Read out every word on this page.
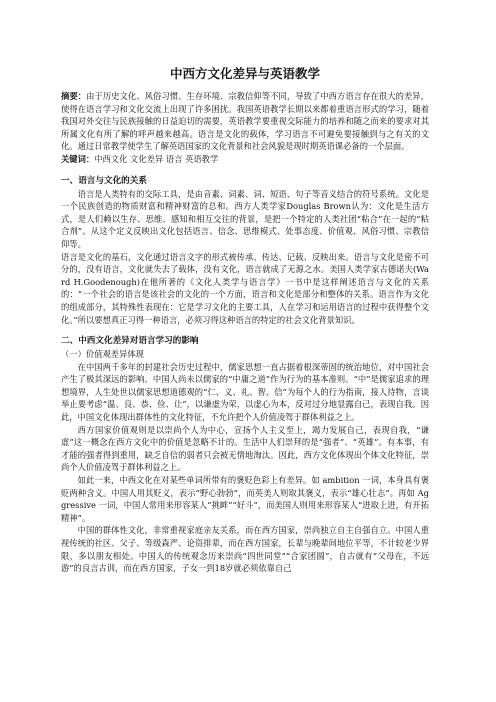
中西方文化差异与英语教学

摘要：由于历史文化、风俗习惯、生存环境、宗教信仰等不同，导致了中西方语言存在很大的差异，使得在语言学习和文化交流上出现了许多困扰。我国英语教学长期以来都着重语言形式的学习，随着我国对外交往与民族接触的日益迫切的需要，英语教学要重视交际能力的培养和随之而来的要求对其所属文化有所了解的呼声越来越高。语言是文化的载体，学习语言不可避免要接触到与之有关的文化。通过日常教学使学生了解英语国家的文化背景和社会风貌是现时期英语课必备的一个层面。

关键词：中西文化 文化差异 语言 英语教学

一、语言与文化的关系

语言是人类特有的交际工具，是由音素、词素、词、短语、句子等音义结合的符号系统。文化是一个民族创造的物质财富和精神财富的总和。西方人类学家Douglas Brown认为：文化是生活方式，是人们赖以生存、思维、感知和相互交往的背景，是把一个特定的人类社团“粘合”在一起的“粘合剂”。从这个定义反映出文化包括语言、信念、思维模式、处事态度、价值观、风俗习惯、宗教信仰等。

语言是文化的基石，文化通过语言文字的形式被传承、传达、记载、反映出来。语言与文化是密不可分的，没有语言，文化就失去了载体，没有文化，语言就成了无源之水。美国人类学家古德诺夫(Ward H.Goodenough)在他所著的《文化人类学与语言学》一书中是这样阐述语言与文化的关系的：“一个社会的语言是该社会的文化的一个方面，语言和文化是部分和整体的关系。语言作为文化的组成部分，其特殊性表现在：它是学习文化的主要工具，人在学习和运用语言的过程中获得整个文化。”所以要想真正习得一种语言，必须习得这种语言的特定的社会文化背景知识。

二、中西文化差异对语言学习的影响
（一）价值观差异体现

在中国两千多年的封建社会历史过程中，儒家思想一直占据着根深蒂固的统治地位，对中国社会产生了极其深远的影响。中国人尚未以儒家的“中庸之道”作为行为的基本准则。“中”是儒家追求的理想境界，人生处世以儒家思想道德观的“仁、义、礼、智、信”为每个人的行为指南，接人待物，言谈举止要考虑“温、良、恭、俭、让”，以谦虚为荣，以虚心为本，反对过分地显露自己，表现自我。因此，中国文化体现出群体性的文化特征，不允许把个人价值凌驾于群体利益之上。

西方国家价值观则是以崇尚个人为中心，宣扬个人主义至上，竭力发展自己，表现自我，“谦虚”这一概念在西方文化中的价值是忽略不计的。生活中人们崇拜的是“强者”、“英雄”。有本事，有才能的强者得到重用，缺乏自信的弱者只会被无情地淘汰。因此，西方文化体现出个体文化特征，崇尚个人价值凌驾于群体利益之上。

如此一来，中西文化在对某些单词所带有的褒贬色彩上有差异。如 ambition 一词，本身具有褒贬两种含义。中国人用其贬义，表示“野心勃勃”，而英美人则取其褒义，表示“雄心壮志”。再如 Aggressive 一词，中国人常用来形容某人“挑衅”“好斗”，而美国人则用来形容某人“进取上进，有开拓精神”。

中国的群体性文化，非常重视家庭亲友关系，而在西方国家，崇尚独立自主自强自立。中国人重视传统的社区、父子、等级森严、论资排辈，而在西方国家，长辈与晚辈间地位平等，不计较老少界限，多以朋友相处。中国人的传统观念历来崇尚“四世同堂”“合家团圆”，自古就有“父母在，不远游”的良言古训，而在西方国家，子女一到18岁就必须依靠自己
